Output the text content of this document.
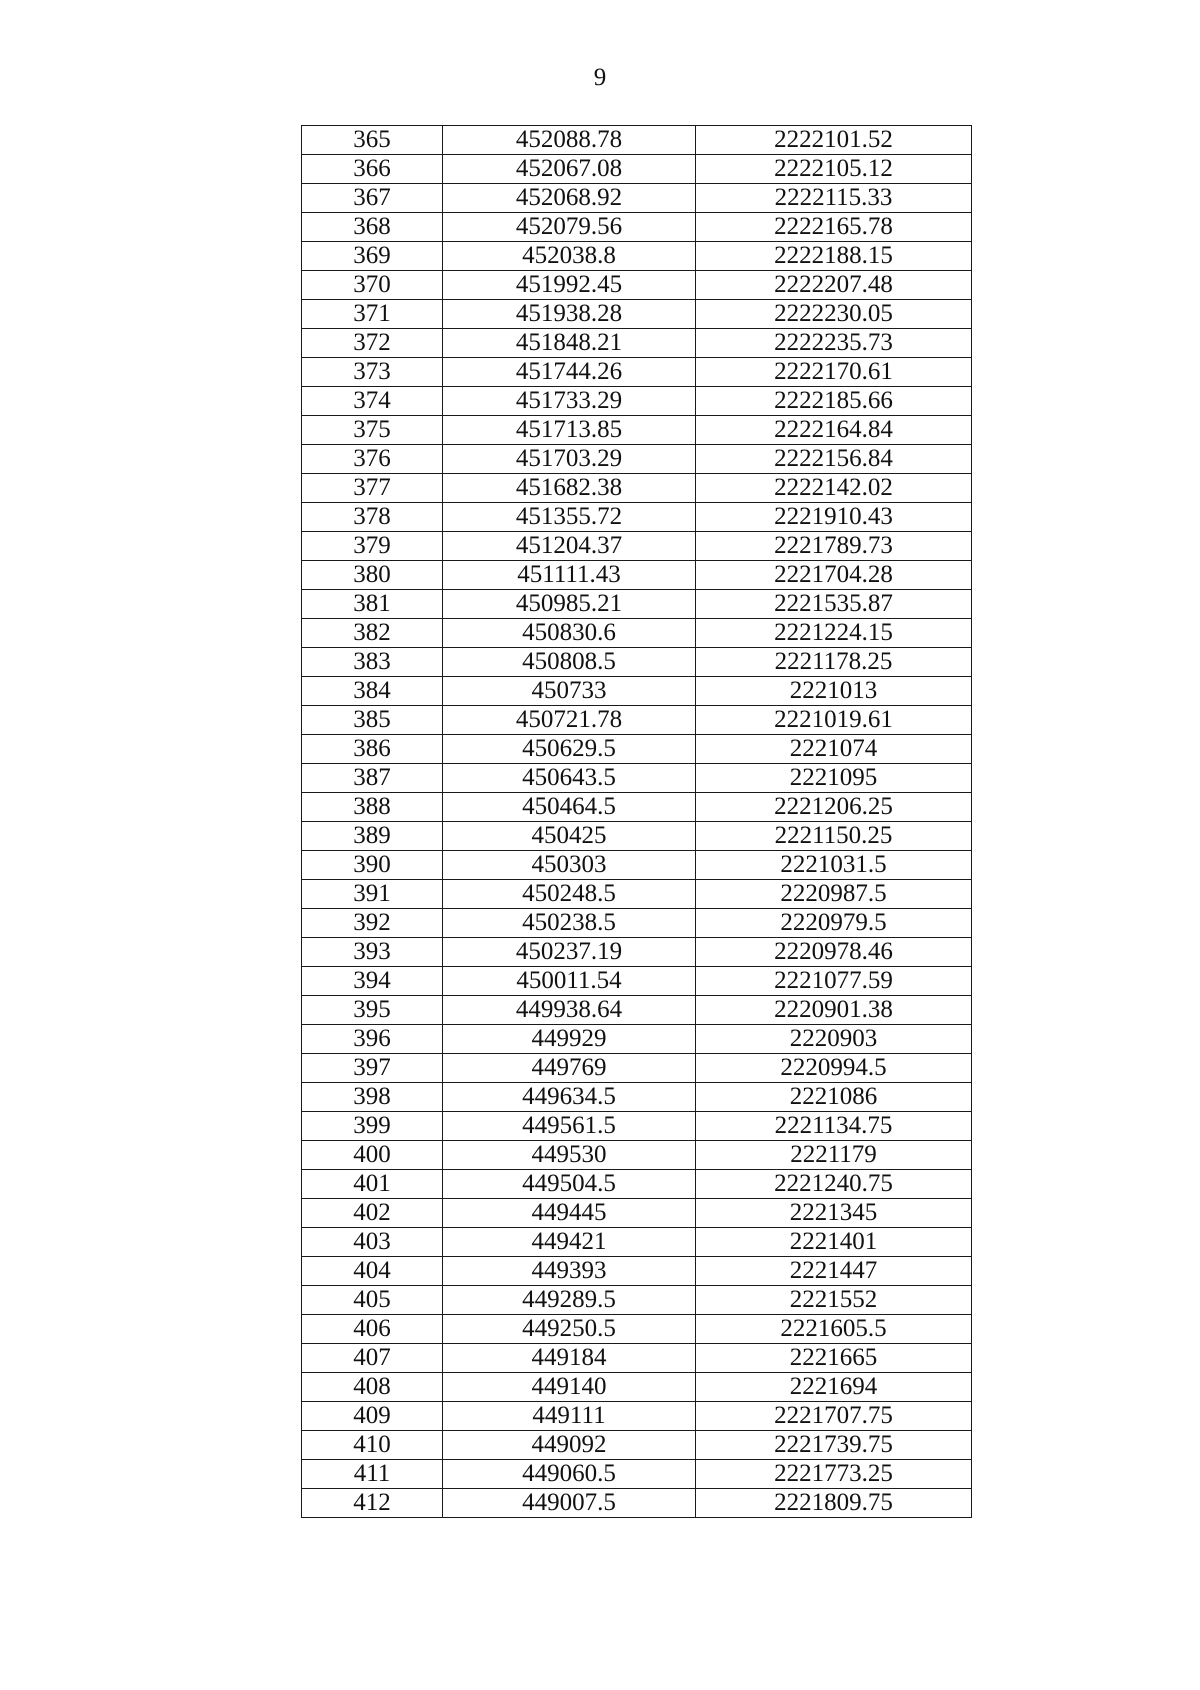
9
365	452088.78	2222101.52
366	452067.08	2222105.12
367	452068.92	2222115.33
368	452079.56	2222165.78
369	452038.8	2222188.15
370	451992.45	2222207.48
371	451938.28	2222230.05
372	451848.21	2222235.73
373	451744.26	2222170.61
374	451733.29	2222185.66
375	451713.85	2222164.84
376	451703.29	2222156.84
377	451682.38	2222142.02
378	451355.72	2221910.43
379	451204.37	2221789.73
380	451111.43	2221704.28
381	450985.21	2221535.87
382	450830.6	2221224.15
383	450808.5	2221178.25
384	450733	2221013
385	450721.78	2221019.61
386	450629.5	2221074
387	450643.5	2221095
388	450464.5	2221206.25
389	450425	2221150.25
390	450303	2221031.5
391	450248.5	2220987.5
392	450238.5	2220979.5
393	450237.19	2220978.46
394	450011.54	2221077.59
395	449938.64	2220901.38
396	449929	2220903
397	449769	2220994.5
398	449634.5	2221086
399	449561.5	2221134.75
400	449530	2221179
401	449504.5	2221240.75
402	449445	2221345
403	449421	2221401
404	449393	2221447
405	449289.5	2221552
406	449250.5	2221605.5
407	449184	2221665
408	449140	2221694
409	449111	2221707.75
410	449092	2221739.75
411	449060.5	2221773.25
412	449007.5	2221809.75
